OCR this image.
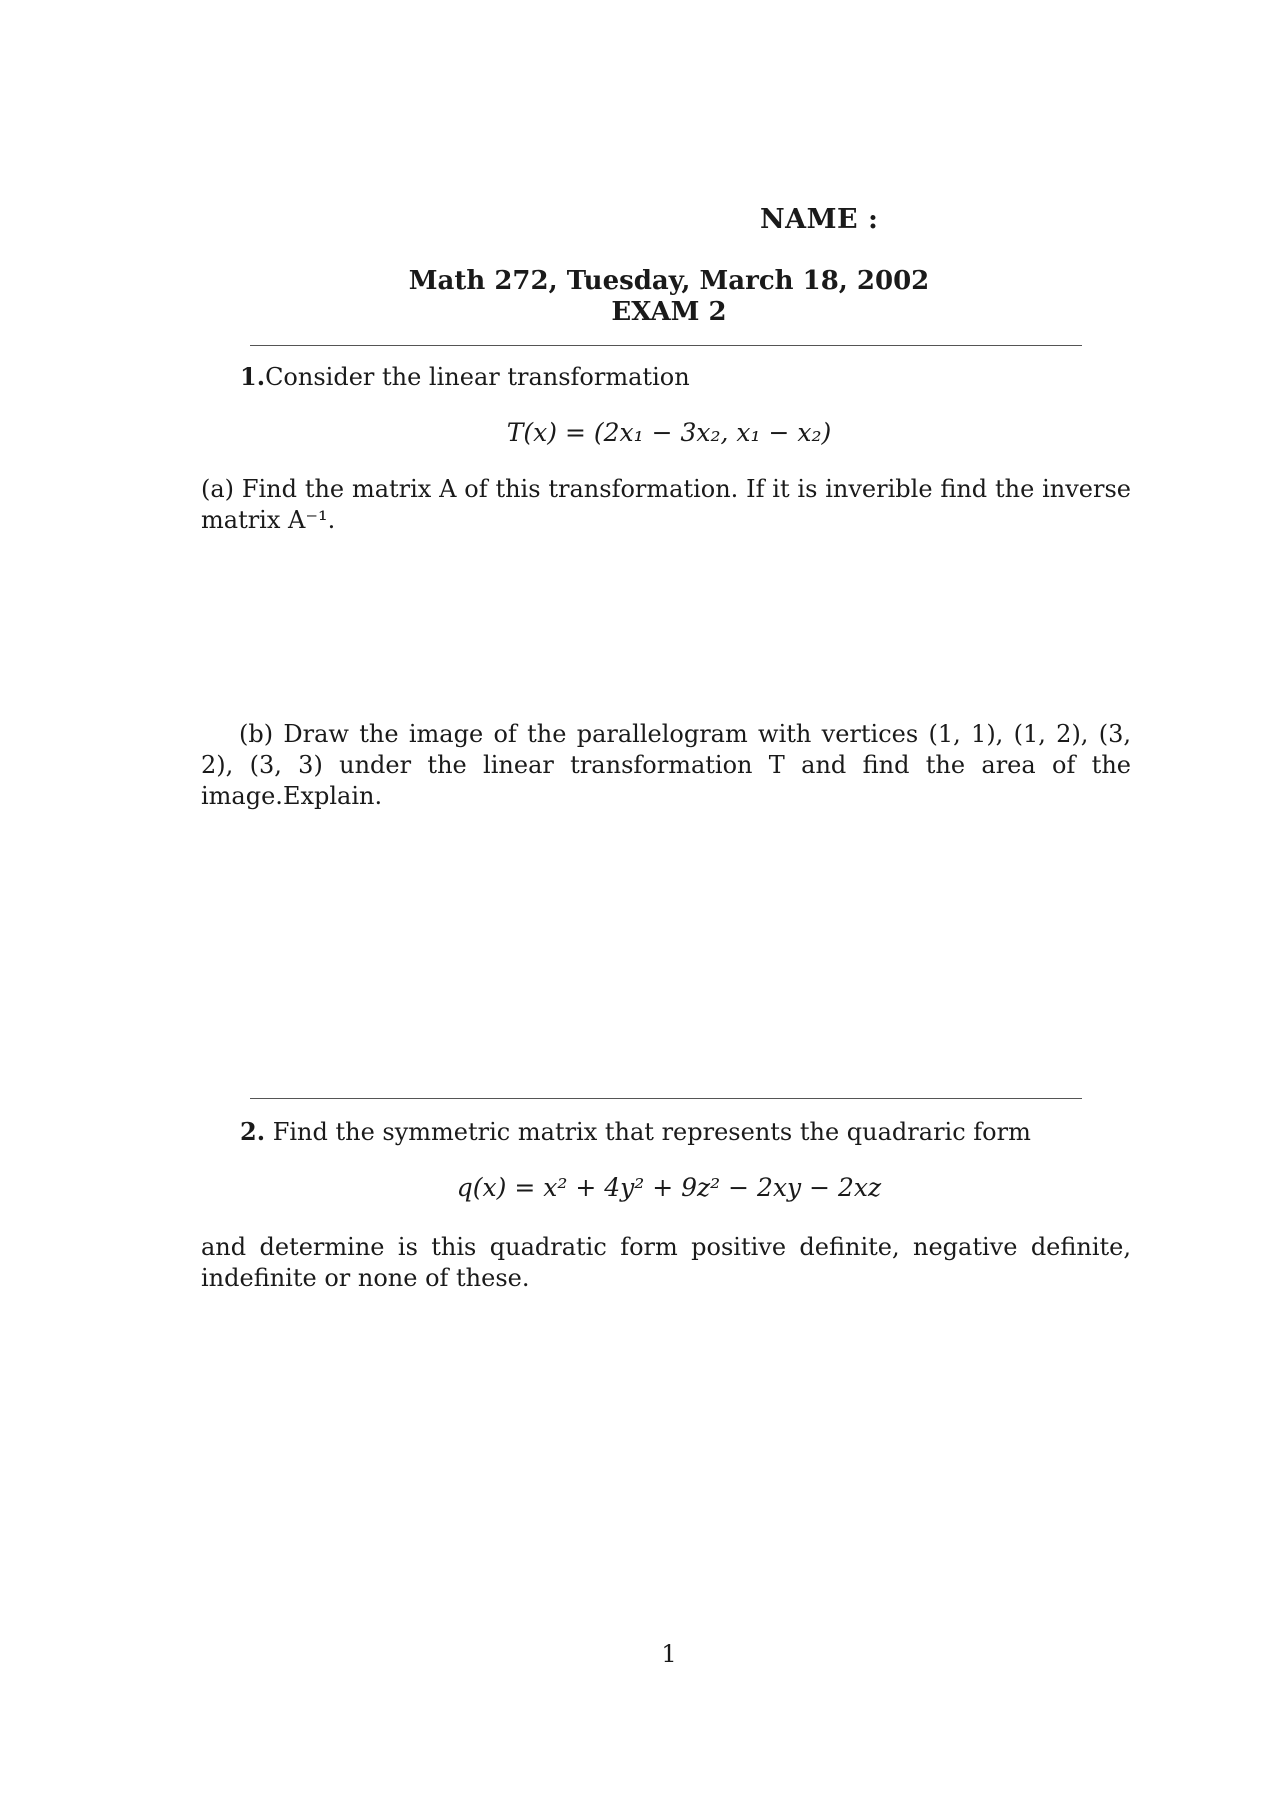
NAME :
Math 272, Tuesday, March 18, 2002
EXAM 2
1.Consider the linear transformation
T(x) = (2x₁ − 3x₂, x₁ − x₂)
(a) Find the matrix A of this transformation. If it is inverible find the inverse matrix A⁻¹.
(b) Draw the image of the parallelogram with vertices (1, 1), (1, 2), (3, 2), (3, 3) under the linear transformation T and find the area of the image.Explain.
2. Find the symmetric matrix that represents the quadraric form
q(x) = x² + 4y² + 9z² − 2xy − 2xz
and determine is this quadratic form positive definite, negative definite, indefinite or none of these.
1
